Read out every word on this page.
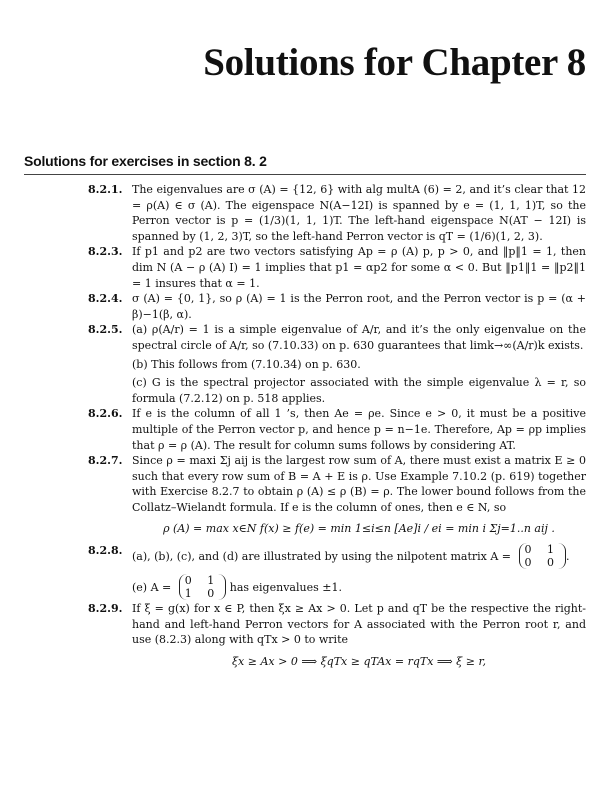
Solutions for Chapter 8
Solutions for exercises in section 8. 2
8.2.1. The eigenvalues are σ (A) = {12, 6} with alg multA (6) = 2, and it’s clear that 12 = ρ(A) ∈ σ (A). The eigenspace N(A−12I) is spanned by e = (1, 1, 1)T, so the Perron vector is p = (1/3)(1, 1, 1)T. The left-hand eigenspace N(AT − 12I) is spanned by (1, 2, 3)T, so the left-hand Perron vector is qT = (1/6)(1, 2, 3).

8.2.3. If p1 and p2 are two vectors satisfying Ap = ρ (A) p, p > 0, and ‖p‖1 = 1, then dim N (A − ρ (A) I) = 1 implies that p1 = αp2 for some α < 0. But ‖p1‖1 = ‖p2‖1 = 1 insures that α = 1.

8.2.4. σ (A) = {0, 1}, so ρ (A) = 1 is the Perron root, and the Perron vector is p = (α + β)−1(β, α).

8.2.5. (a) ρ(A/r) = 1 is a simple eigenvalue of A/r, and it’s the only eigenvalue on the spectral circle of A/r, so (7.10.33) on p. 630 guarantees that limk→∞(A/r)k exists.

(b) This follows from (7.10.34) on p. 630.

(c) G is the spectral projector associated with the simple eigenvalue λ = r, so formula (7.2.12) on p. 518 applies.

8.2.6. If e is the column of all 1 ’s, then Ae = ρe. Since e > 0, it must be a positive multiple of the Perron vector p, and hence p = n−1e. Therefore, Ap = ρp implies that ρ = ρ (A). The result for column sums follows by considering AT.

8.2.7. Since ρ = maxi Σj aij is the largest row sum of A, there must exist a matrix E ≥ 0 such that every row sum of B = A + E is ρ. Use Example 7.10.2 (p. 619) together with Exercise 8.2.7 to obtain ρ (A) ≤ ρ (B) = ρ. The lower bound follows from the Collatz–Wielandt formula. If e is the column of ones, then e ∈ N, so

ρ (A) = max x∈N f(x) ≥ f(e) = min 1≤i≤n [Ae]i / ei = min i Σj=1..n aij .
8.2.8. (a), (b), (c), and (d) are illustrated by using the nilpotent matrix A =
0 1
0 0 .

(e) A =
0 1
1 0 has eigenvalues ±1.

8.2.9. If ξ = g(x) for x ∈ P, then ξx ≥ Ax > 0. Let p and qT be the respective the right-hand and left-hand Perron vectors for A associated with the Perron root r, and use (8.2.3) along with qTx > 0 to write

ξx ≥ Ax > 0 ⟹ ξqTx ≥ qTAx = rqTx ⟹ ξ ≥ r,
